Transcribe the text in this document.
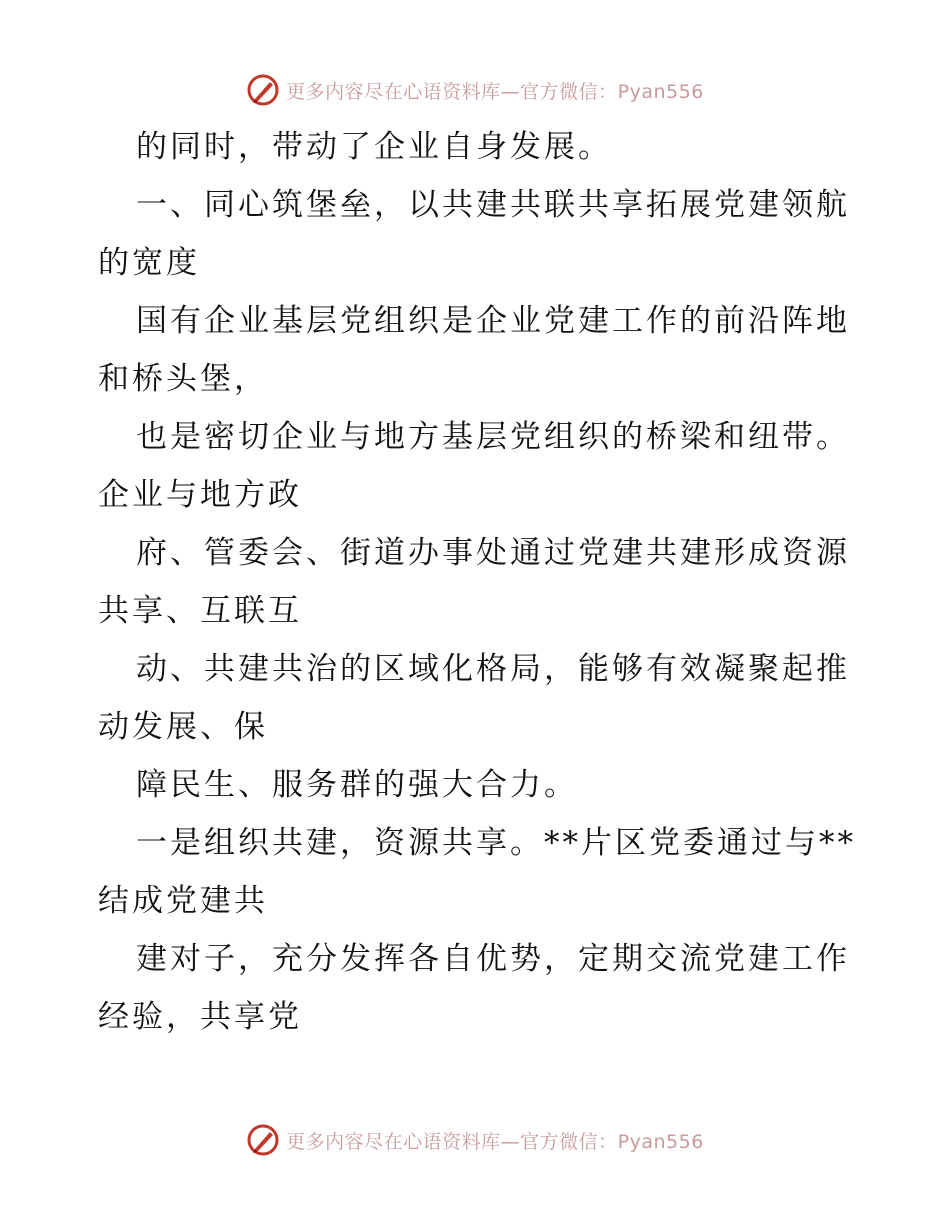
更多内容尽在心语资料库—官方微信：Pyan556
的同时，带动了企业自身发展。
一、同心筑堡垒，以共建共联共享拓展党建领航
的宽度
国有企业基层党组织是企业党建工作的前沿阵地
和桥头堡，
也是密切企业与地方基层党组织的桥梁和纽带。
企业与地方政
府、管委会、街道办事处通过党建共建形成资源
共享、互联互
动、共建共治的区域化格局，能够有效凝聚起推
动发展、保
障民生、服务群的强大合力。
一是组织共建，资源共享。**片区党委通过与**
结成党建共
建对子，充分发挥各自优势，定期交流党建工作
经验，共享党
更多内容尽在心语资料库—官方微信：Pyan556
